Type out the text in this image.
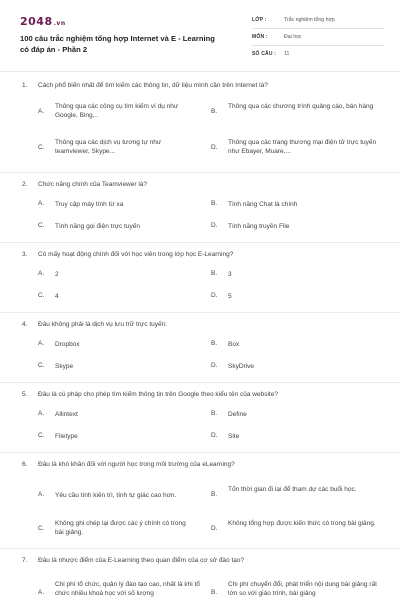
2048.vn
100 câu trắc nghiệm tổng hợp Internet và E - Learning có đáp án - Phần 2
LỚP :	Trắc nghiệm tổng hợp
MÔN :	Đại học
SỐ CÂU : 11
1. Cách phổ biến nhất để tìm kiếm các thông tin, dữ liệu mình cần trên Internet là?
A.
Thông qua các công cụ tìm kiếm ví dụ như Google, Bing,..
B.
Thông qua các chương trình quảng cáo, bán hàng
C.
Thông qua các dịch vụ tương tự như teamviewer, Skype...
D.
Thông qua các trang thương mại điện tử trực tuyến như Ebayer, Muare,...
2. Chức năng chính của Teamviewer là?
A. Truy cập máy tính từ xa	B. Tính năng Chat là chính
C. Tính năng gọi điện trực tuyến	D. Tính năng truyền File
3. Có mấy hoạt động chính đối với học viên trong lớp học E-Learning?
A. 2	B. 3
C. 4	D. 5
4. Đâu không phải là dịch vụ lưu trữ trực tuyến:
A. Dropbox	B. Box
C. Skype	D. SkyDrive
5. Đâu là cú pháp cho phép tìm kiếm thông tin trên Google theo kiểu tên của website?
A. Allintext	B. Define
C. Filetype	D. Site
6. Đâu là khó khăn đối với người học trong môi trường của eLearning?
A. Yêu cầu tính kiên trì, tính tự giác cao hơn.	B.
Tốn thời gian đi lại để tham dự các buổi học.
C.
Không ghi chép lại được các ý chính có trong bài giảng.
D.
Không tổng hợp được kiến thức có trong bài giảng.
7. Đâu là nhược điểm của E-Learning theo quan điểm của cơ sở đào tạo?
A.
Chi phí tổ chức, quản lý đào tạo cao, nhất là khi tổ chức nhiều khoá học với số lượng	B.
Chi phí chuyển đổi, phát triển nội dung bài giảng rất lớn so với giáo trình, bài giảng
